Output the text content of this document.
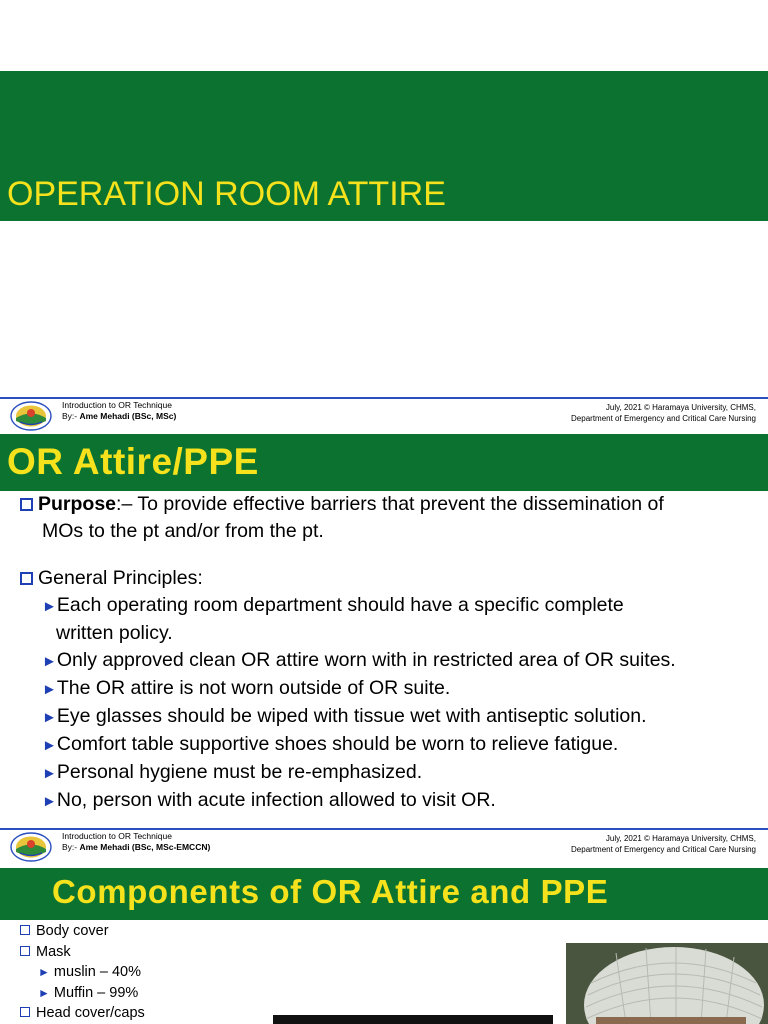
OPERATION ROOM ATTIRE
Introduction to OR Technique
By:- Ame Mehadi (BSc, MSc)
July, 2021 © Haramaya University, CHMS,
Department of Emergency and Critical Care Nursing
OR Attire/PPE

Purpose:– To provide effective barriers that prevent the dissemination of

MOs to the pt and/or from the pt.

General Principles:

►Each operating room department should have a specific complete

written policy.

►Only approved clean OR attire worn with in restricted area of OR suites.

►The OR attire is not worn outside of OR suite.

►Eye glasses should be wiped with tissue wet with antiseptic solution.

►Comfort table supportive shoes should be worn to relieve fatigue.

►Personal hygiene must be re-emphasized.

►No, person with acute infection allowed to visit OR.

Introduction to OR Technique
By:- Ame Mehadi (BSc, MSc-EMCCN)
July, 2021 © Haramaya University, CHMS,
Department of Emergency and Critical Care Nursing
Components of OR Attire and PPE
Body cover
Mask
► muslin – 40%
► Muffin – 99%
Head cover/caps
